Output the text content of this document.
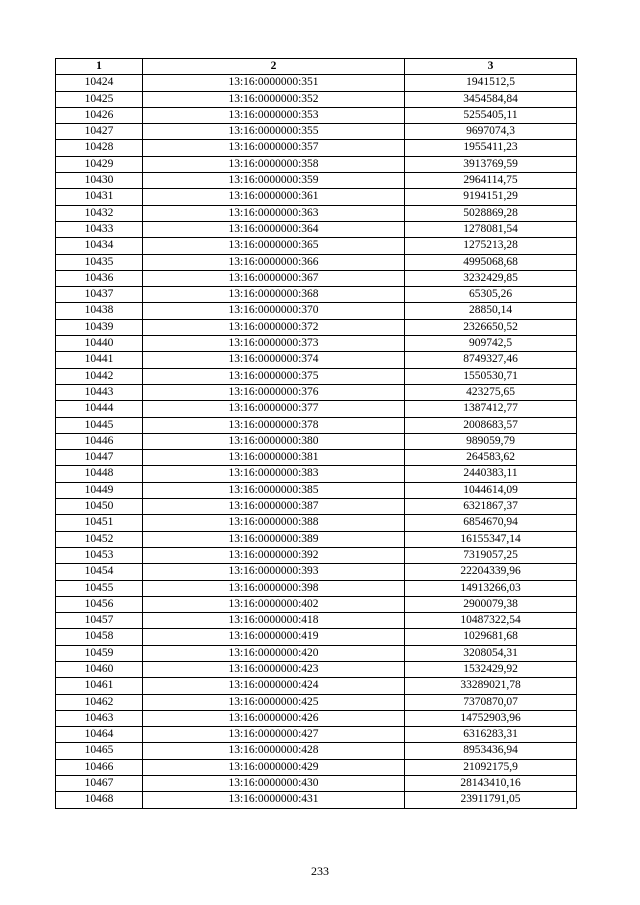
1	2	3
10424	13:16:0000000:351	1941512,5
10425	13:16:0000000:352	3454584,84
10426	13:16:0000000:353	5255405,11
10427	13:16:0000000:355	9697074,3
10428	13:16:0000000:357	1955411,23
10429	13:16:0000000:358	3913769,59
10430	13:16:0000000:359	2964114,75
10431	13:16:0000000:361	9194151,29
10432	13:16:0000000:363	5028869,28
10433	13:16:0000000:364	1278081,54
10434	13:16:0000000:365	1275213,28
10435	13:16:0000000:366	4995068,68
10436	13:16:0000000:367	3232429,85
10437	13:16:0000000:368	65305,26
10438	13:16:0000000:370	28850,14
10439	13:16:0000000:372	2326650,52
10440	13:16:0000000:373	909742,5
10441	13:16:0000000:374	8749327,46
10442	13:16:0000000:375	1550530,71
10443	13:16:0000000:376	423275,65
10444	13:16:0000000:377	1387412,77
10445	13:16:0000000:378	2008683,57
10446	13:16:0000000:380	989059,79
10447	13:16:0000000:381	264583,62
10448	13:16:0000000:383	2440383,11
10449	13:16:0000000:385	1044614,09
10450	13:16:0000000:387	6321867,37
10451	13:16:0000000:388	6854670,94
10452	13:16:0000000:389	16155347,14
10453	13:16:0000000:392	7319057,25
10454	13:16:0000000:393	22204339,96
10455	13:16:0000000:398	14913266,03
10456	13:16:0000000:402	2900079,38
10457	13:16:0000000:418	10487322,54
10458	13:16:0000000:419	1029681,68
10459	13:16:0000000:420	3208054,31
10460	13:16:0000000:423	1532429,92
10461	13:16:0000000:424	33289021,78
10462	13:16:0000000:425	7370870,07
10463	13:16:0000000:426	14752903,96
10464	13:16:0000000:427	6316283,31
10465	13:16:0000000:428	8953436,94
10466	13:16:0000000:429	21092175,9
10467	13:16:0000000:430	28143410,16
10468	13:16:0000000:431	23911791,05
233
